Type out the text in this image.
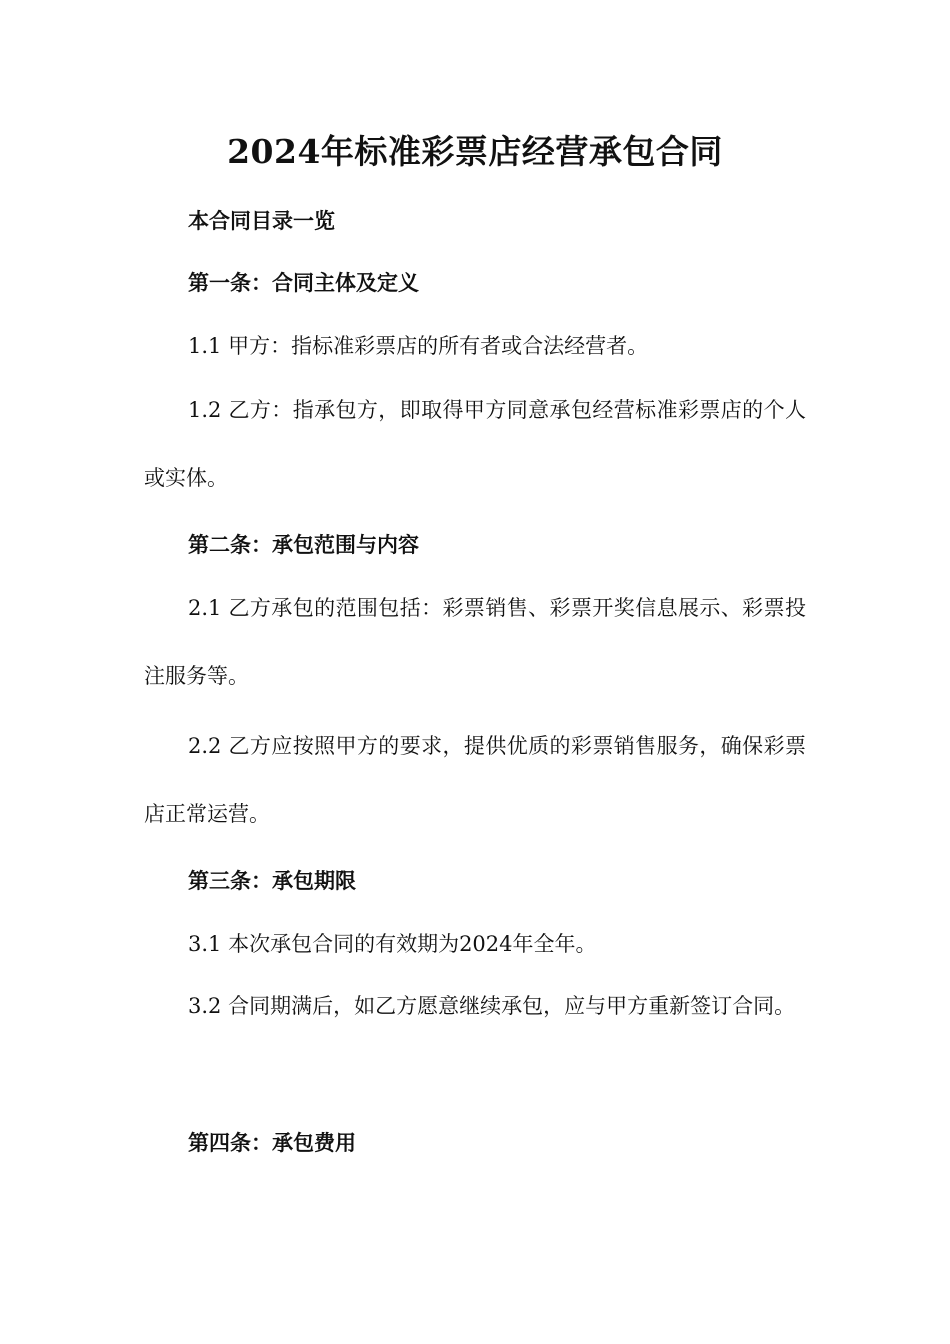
2024年标准彩票店经营承包合同
本合同目录一览
第一条：合同主体及定义

1.1 甲方：指标准彩票店的所有者或合法经营者。

1.2 乙方：指承包方，即取得甲方同意承包经营标准彩票店的个人或实体。

第二条：承包范围与内容

2.1 乙方承包的范围包括：彩票销售、彩票开奖信息展示、彩票投注服务等。

2.2 乙方应按照甲方的要求，提供优质的彩票销售服务，确保彩票店正常运营。

第三条：承包期限

3.1 本次承包合同的有效期为2024年全年。

3.2 合同期满后，如乙方愿意继续承包，应与甲方重新签订合同。

第四条：承包费用
